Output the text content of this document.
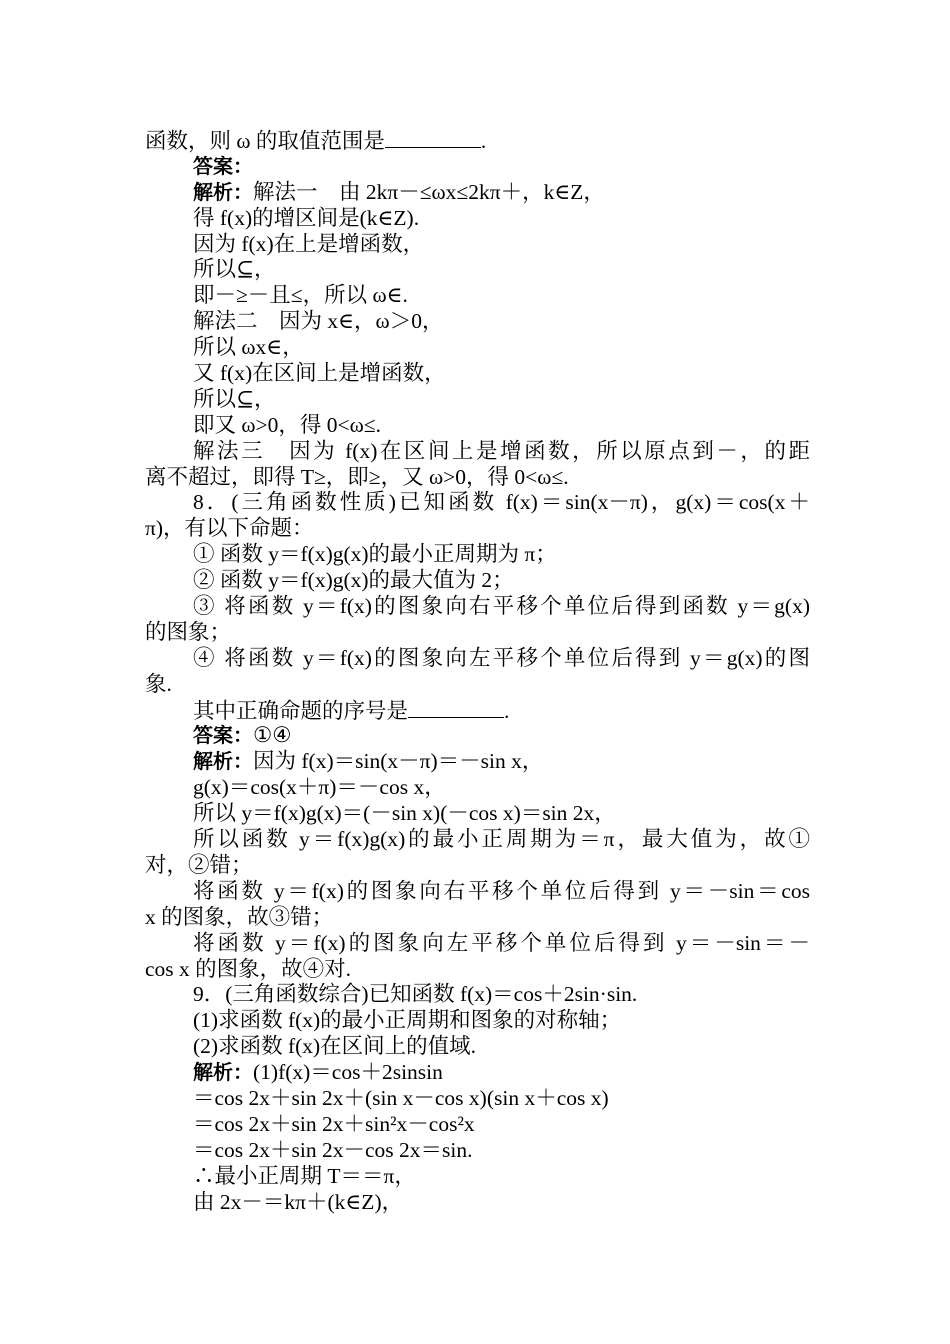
函数，则 ω 的取值范围是	.
答案：
解析：解法一　由 2kπ－≤ωx≤2kπ＋，k∈Z，
得 f(x)的增区间是(k∈Z).
因为 f(x)在上是增函数，
所以⊆，
即－≥－且≤，所以 ω∈.
解法二　因为 x∈，ω＞0，
所以 ωx∈，
又 f(x)在区间上是增函数，
所以⊆，
即又 ω>0，得 0<ω≤.
解法三　因为 f(x)在区间上是增函数，所以原点到－，的距
离不超过，即得 T≥，即≥，又 ω>0，得 0<ω≤.
8．(三角函数性质)已知函数 f(x)＝sin(x－π)，g(x)＝cos(x＋
π)，有以下命题：
① 函数 y＝f(x)g(x)的最小正周期为 π；
② 函数 y＝f(x)g(x)的最大值为 2；
③ 将函数 y＝f(x)的图象向右平移个单位后得到函数 y＝g(x)
的图象；
④ 将函数 y＝f(x)的图象向左平移个单位后得到 y＝g(x)的图
象.
其中正确命题的序号是	.
答案：①④
解析：因为 f(x)＝sin(x－π)＝－sin x，
g(x)＝cos(x＋π)＝－cos x，
所以 y＝f(x)g(x)＝(－sin x)(－cos x)＝sin 2x，
所以函数 y＝f(x)g(x)的最小正周期为＝π，最大值为，故①
对，②错；
将函数 y＝f(x)的图象向右平移个单位后得到 y＝－sin＝cos
x 的图象，故③错；
将函数 y＝f(x)的图象向左平移个单位后得到 y＝－sin＝－
cos x 的图象，故④对.
9．(三角函数综合)已知函数 f(x)＝cos＋2sin·sin.
(1)求函数 f(x)的最小正周期和图象的对称轴；
(2)求函数 f(x)在区间上的值域.
解析：(1)f(x)＝cos＋2sinsin
＝cos 2x＋sin 2x＋(sin x－cos x)(sin x＋cos x)
＝cos 2x＋sin 2x＋sin²x－cos²x
＝cos 2x＋sin 2x－cos 2x＝sin.
∴最小正周期 T＝＝π，
由 2x－＝kπ＋(k∈Z)，
